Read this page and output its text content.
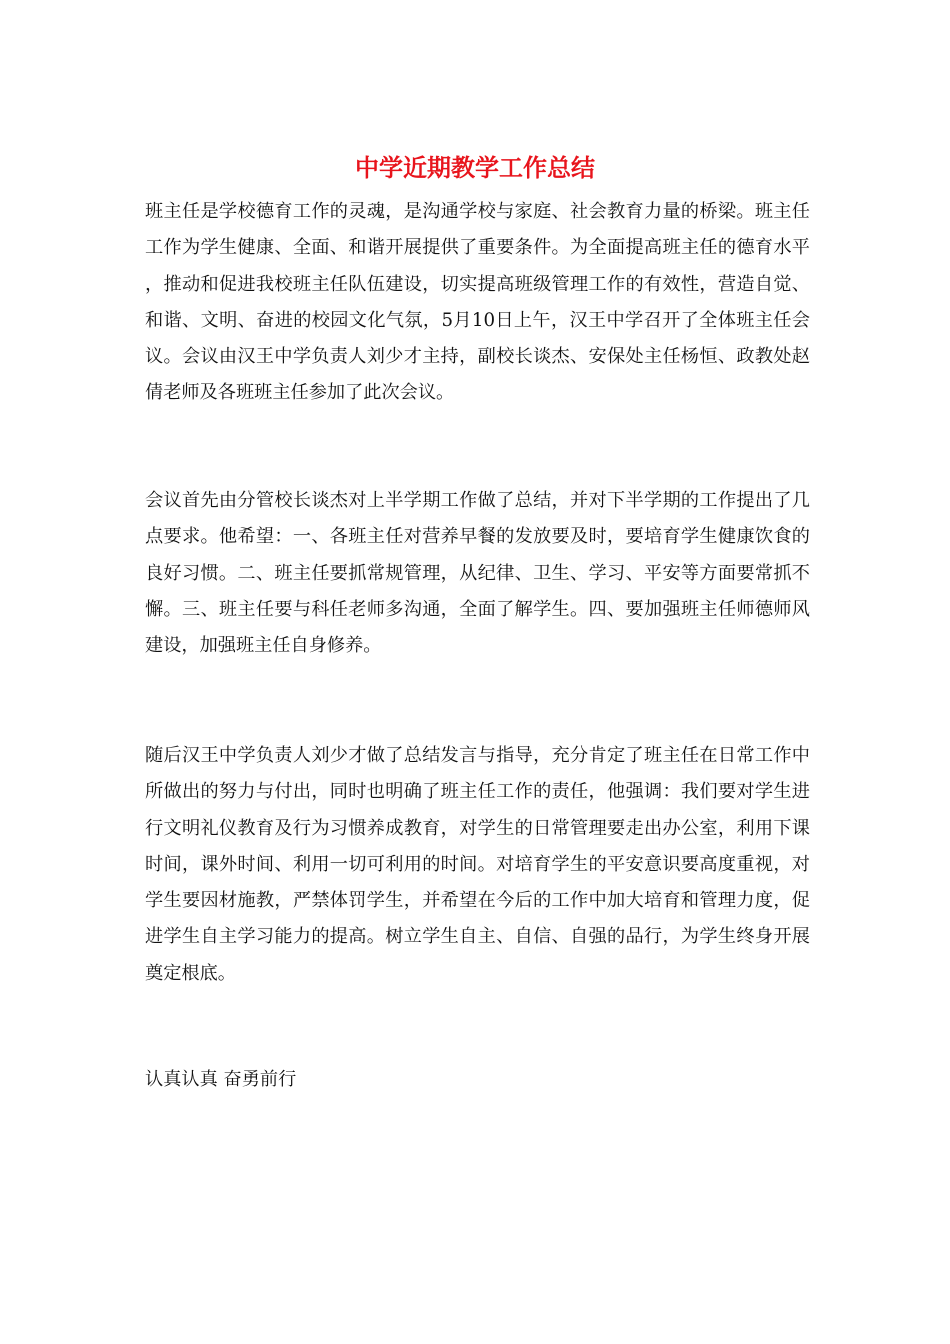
中学近期教学工作总结

班主任是学校德育工作的灵魂，是沟通学校与家庭、社会教育力量的桥梁。班主任工作为学生健康、全面、和谐开展提供了重要条件。为全面提高班主任的德育水平，推动和促进我校班主任队伍建设，切实提高班级管理工作的有效性，营造自觉、和谐、文明、奋进的校园文化气氛，5月10日上午，汉王中学召开了全体班主任会议。会议由汉王中学负责人刘少才主持，副校长谈杰、安保处主任杨恒、政教处赵倩老师及各班班主任参加了此次会议。

会议首先由分管校长谈杰对上半学期工作做了总结，并对下半学期的工作提出了几点要求。他希望：一、各班主任对营养早餐的发放要及时，要培育学生健康饮食的良好习惯。二、班主任要抓常规管理，从纪律、卫生、学习、平安等方面要常抓不懈。三、班主任要与科任老师多沟通，全面了解学生。四、要加强班主任师德师风建设，加强班主任自身修养。

随后汉王中学负责人刘少才做了总结发言与指导，充分肯定了班主任在日常工作中所做出的努力与付出，同时也明确了班主任工作的责任，他强调：我们要对学生进行文明礼仪教育及行为习惯养成教育，对学生的日常管理要走出办公室，利用下课时间，课外时间、利用一切可利用的时间。对培育学生的平安意识要高度重视，对学生要因材施教，严禁体罚学生，并希望在今后的工作中加大培育和管理力度，促进学生自主学习能力的提高。树立学生自主、自信、自强的品行，为学生终身开展奠定根底。

认真认真 奋勇前行
